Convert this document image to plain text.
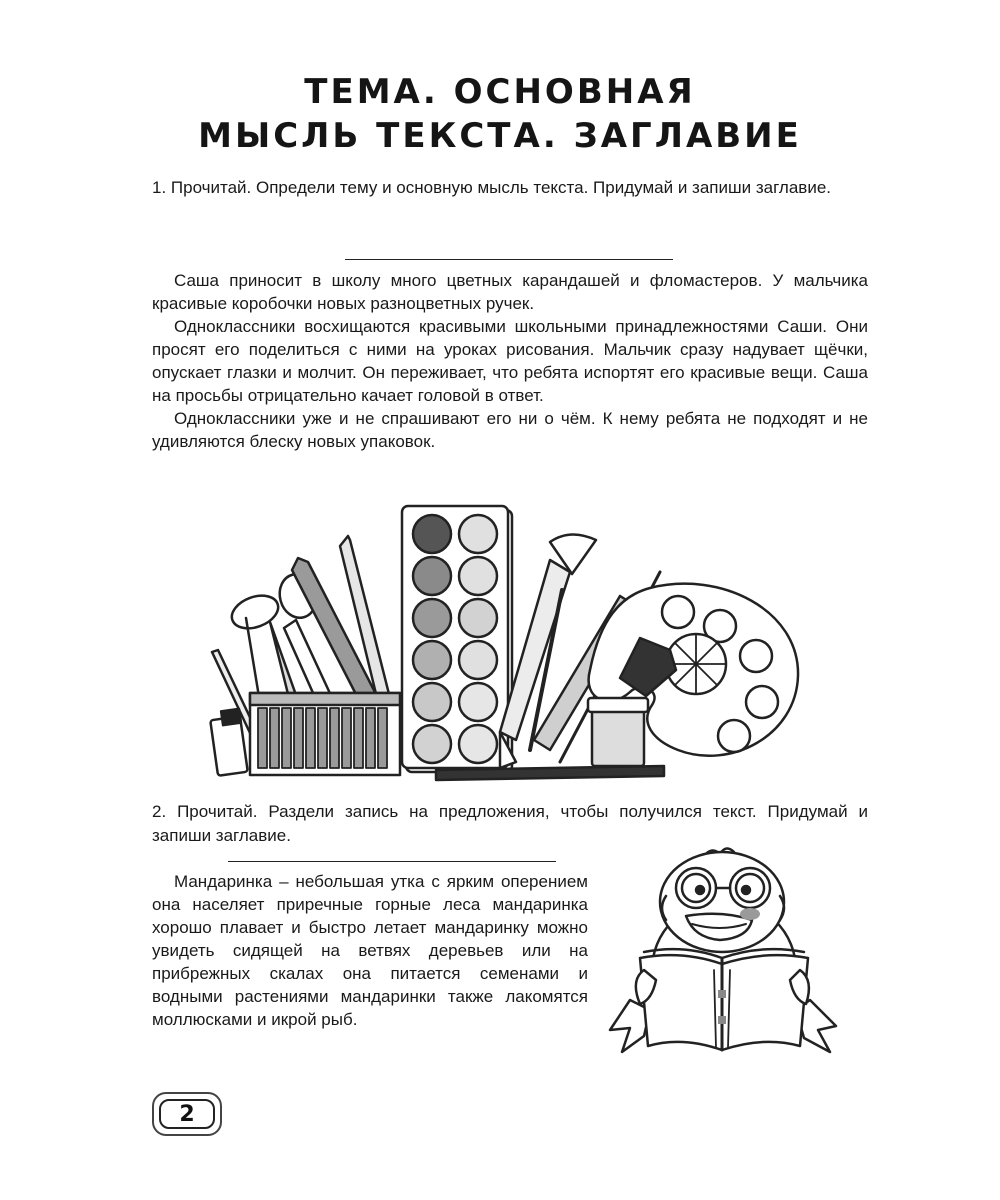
ТЕМА. ОСНОВНАЯ
МЫСЛЬ ТЕКСТА. ЗАГЛАВИЕ
1. Прочитай. Определи тему и основную мысль текста. Придумай и запиши заглавие.

Саша приносит в школу много цветных карандашей и фломастеров. У мальчика красивые коробочки новых разноцветных ручек.

Одноклассники восхищаются красивыми школьными принадлежностями Саши. Они просят его поделиться с ними на уроках рисования. Мальчик сразу надувает щёчки, опускает глазки и молчит. Он переживает, что ребята испортят его красивые вещи. Саша на просьбы отрицательно качает головой в ответ.

Одноклассники уже и не спрашивают его ни о чём. К нему ребята не подходят и не удивляются блеску новых упаковок.

2. Прочитай. Раздели запись на предложения, чтобы получился текст. Придумай и запиши заглавие.
Мандаринка – небольшая утка с ярким оперением она населяет приречные горные леса мандаринка хорошо плавает и быстро летает мандаринку можно увидеть сидящей на ветвях деревьев или на прибрежных скалах она питается семенами и водными растениями мандаринки также лакомятся моллюсками и икрой рыб.
2
